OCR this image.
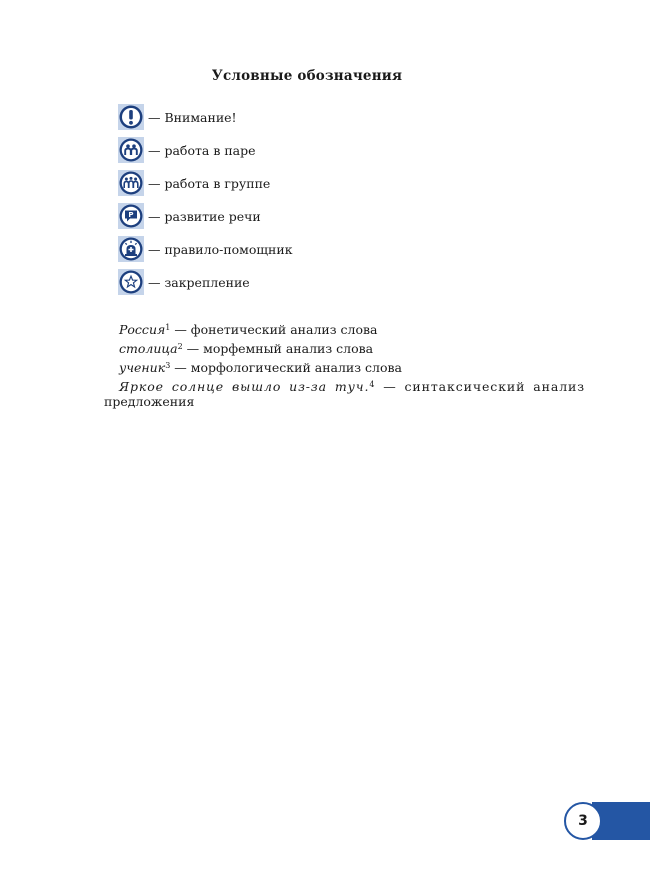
Условные обозначения
— Внимание!
— работа в паре
— работа в группе
Р — развитие речи
— правило-помощник
— закрепление
Россия$^1$ — фонетический анализ слова
столица$^2$ — морфемный анализ слова
ученик$^3$ — морфологический анализ слова
Яркое солнце вышло из-за туч.$^4$ — синтаксический анализ
предложения
3
